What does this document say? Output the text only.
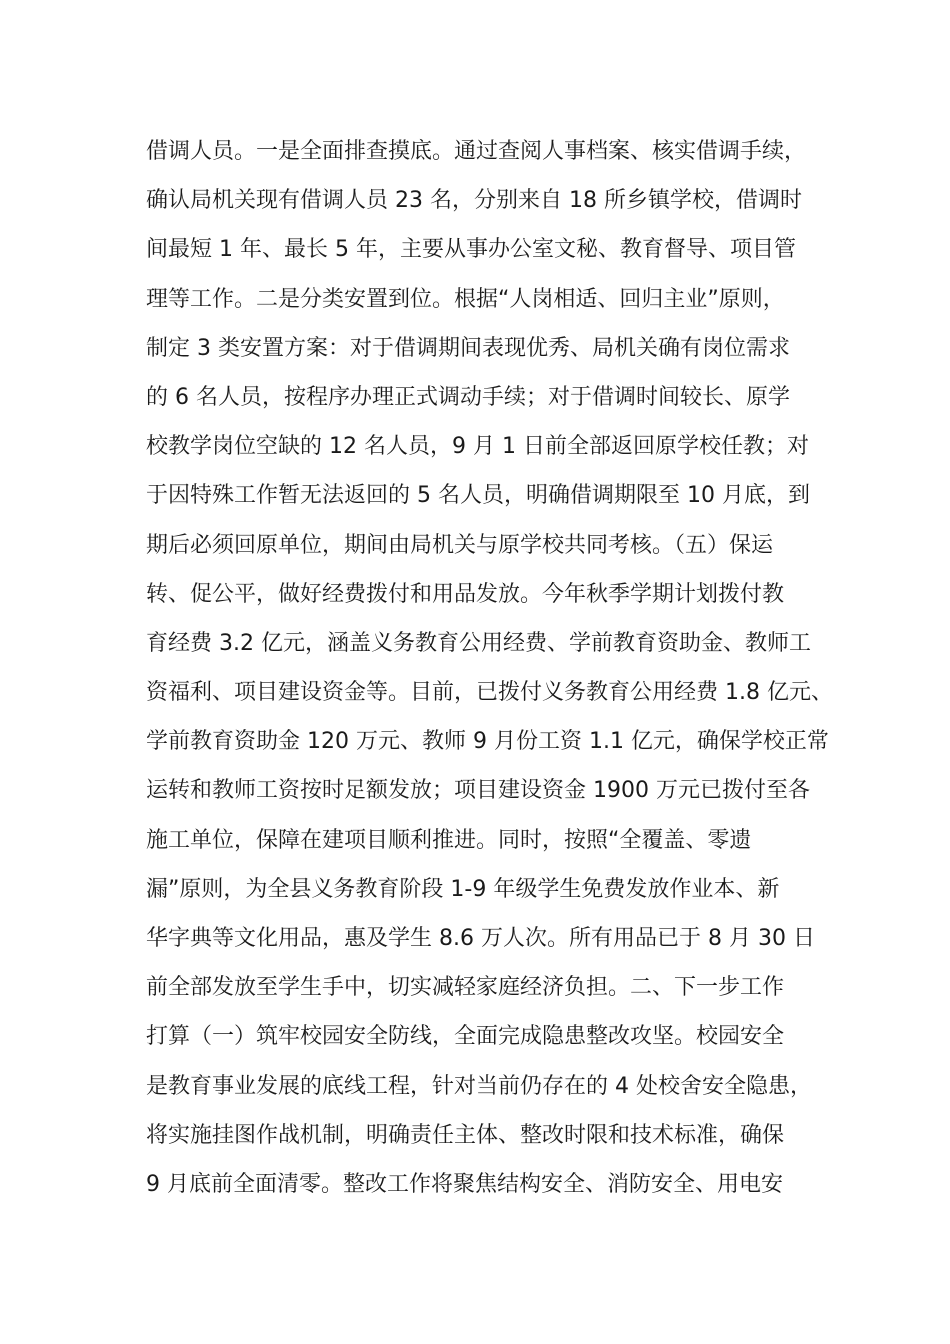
借调人员。一是全面排查摸底。通过查阅人事档案、核实借调手续，
确认局机关现有借调人员 23 名，分别来自 18 所乡镇学校，借调时
间最短 1 年、最长 5 年，主要从事办公室文秘、教育督导、项目管
理等工作。二是分类安置到位。根据“人岗相适、回归主业”原则，
制定 3 类安置方案：对于借调期间表现优秀、局机关确有岗位需求
的 6 名人员，按程序办理正式调动手续；对于借调时间较长、原学
校教学岗位空缺的 12 名人员，9 月 1 日前全部返回原学校任教；对
于因特殊工作暂无法返回的 5 名人员，明确借调期限至 10 月底，到
期后必须回原单位，期间由局机关与原学校共同考核。（五）保运
转、促公平，做好经费拨付和用品发放。今年秋季学期计划拨付教
育经费 3.2 亿元，涵盖义务教育公用经费、学前教育资助金、教师工
资福利、项目建设资金等。目前，已拨付义务教育公用经费 1.8 亿元、
学前教育资助金 120 万元、教师 9 月份工资 1.1 亿元，确保学校正常
运转和教师工资按时足额发放；项目建设资金 1900 万元已拨付至各
施工单位，保障在建项目顺利推进。同时，按照“全覆盖、零遗
漏”原则，为全县义务教育阶段 1-9 年级学生免费发放作业本、新
华字典等文化用品，惠及学生 8.6 万人次。所有用品已于 8 月 30 日
前全部发放至学生手中，切实减轻家庭经济负担。二、下一步工作
打算（一）筑牢校园安全防线，全面完成隐患整改攻坚。校园安全
是教育事业发展的底线工程，针对当前仍存在的 4 处校舍安全隐患，
将实施挂图作战机制，明确责任主体、整改时限和技术标准，确保
9 月底前全面清零。整改工作将聚焦结构安全、消防安全、用电安
